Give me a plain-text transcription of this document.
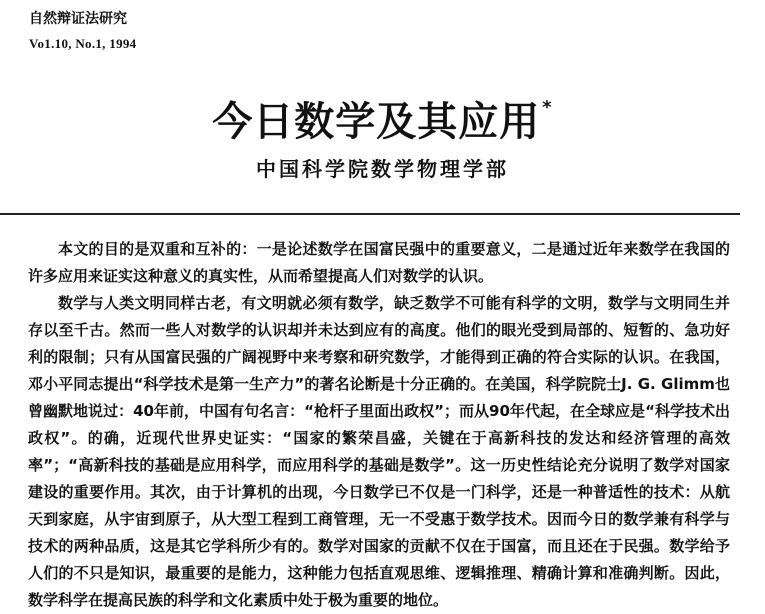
自然辩证法研究
Vo1.10, No.1, 1994
今日数学及其应用 *
中国科学院数学物理学部

本文的目的是双重和互补的：一是论述数学在国富民强中的重要意义，二是通过近年来数学在我国的许多应用来证实这种意义的真实性，从而希望提高人们对数学的认识。

数学与人类文明同样古老，有文明就必须有数学，缺乏数学不可能有科学的文明，数学与文明同生并存以至千古。然而一些人对数学的认识却并未达到应有的高度。他们的眼光受到局部的、短暂的、急功好利的限制；只有从国富民强的广阔视野中来考察和研究数学，才能得到正确的符合实际的认识。在我国，邓小平同志提出“科学技术是第一生产力”的著名论断是十分正确的。在美国，科学院院士J. G. Glimm也曾幽默地说过：40年前，中国有句名言：“枪杆子里面出政权”；而从90年代起，在全球应是“科学技术出政权”。的确，近现代世界史证实：“国家的繁荣昌盛，关键在于高新科技的发达和经济管理的高效率”；“高新科技的基础是应用科学，而应用科学的基础是数学”。这一历史性结论充分说明了数学对国家建设的重要作用。其次，由于计算机的出现，今日数学已不仅是一门科学，还是一种普适性的技术：从航天到家庭，从宇宙到原子，从大型工程到工商管理，无一不受惠于数学技术。因而今日的数学兼有科学与技术的两种品质，这是其它学科所少有的。数学对国家的贡献不仅在于国富，而且还在于民强。数学给予人们的不只是知识，最重要的是能力，这种能力包括直观思维、逻辑推理、精确计算和准确判断。因此，数学科学在提高民族的科学和文化素质中处于极为重要的地位。
